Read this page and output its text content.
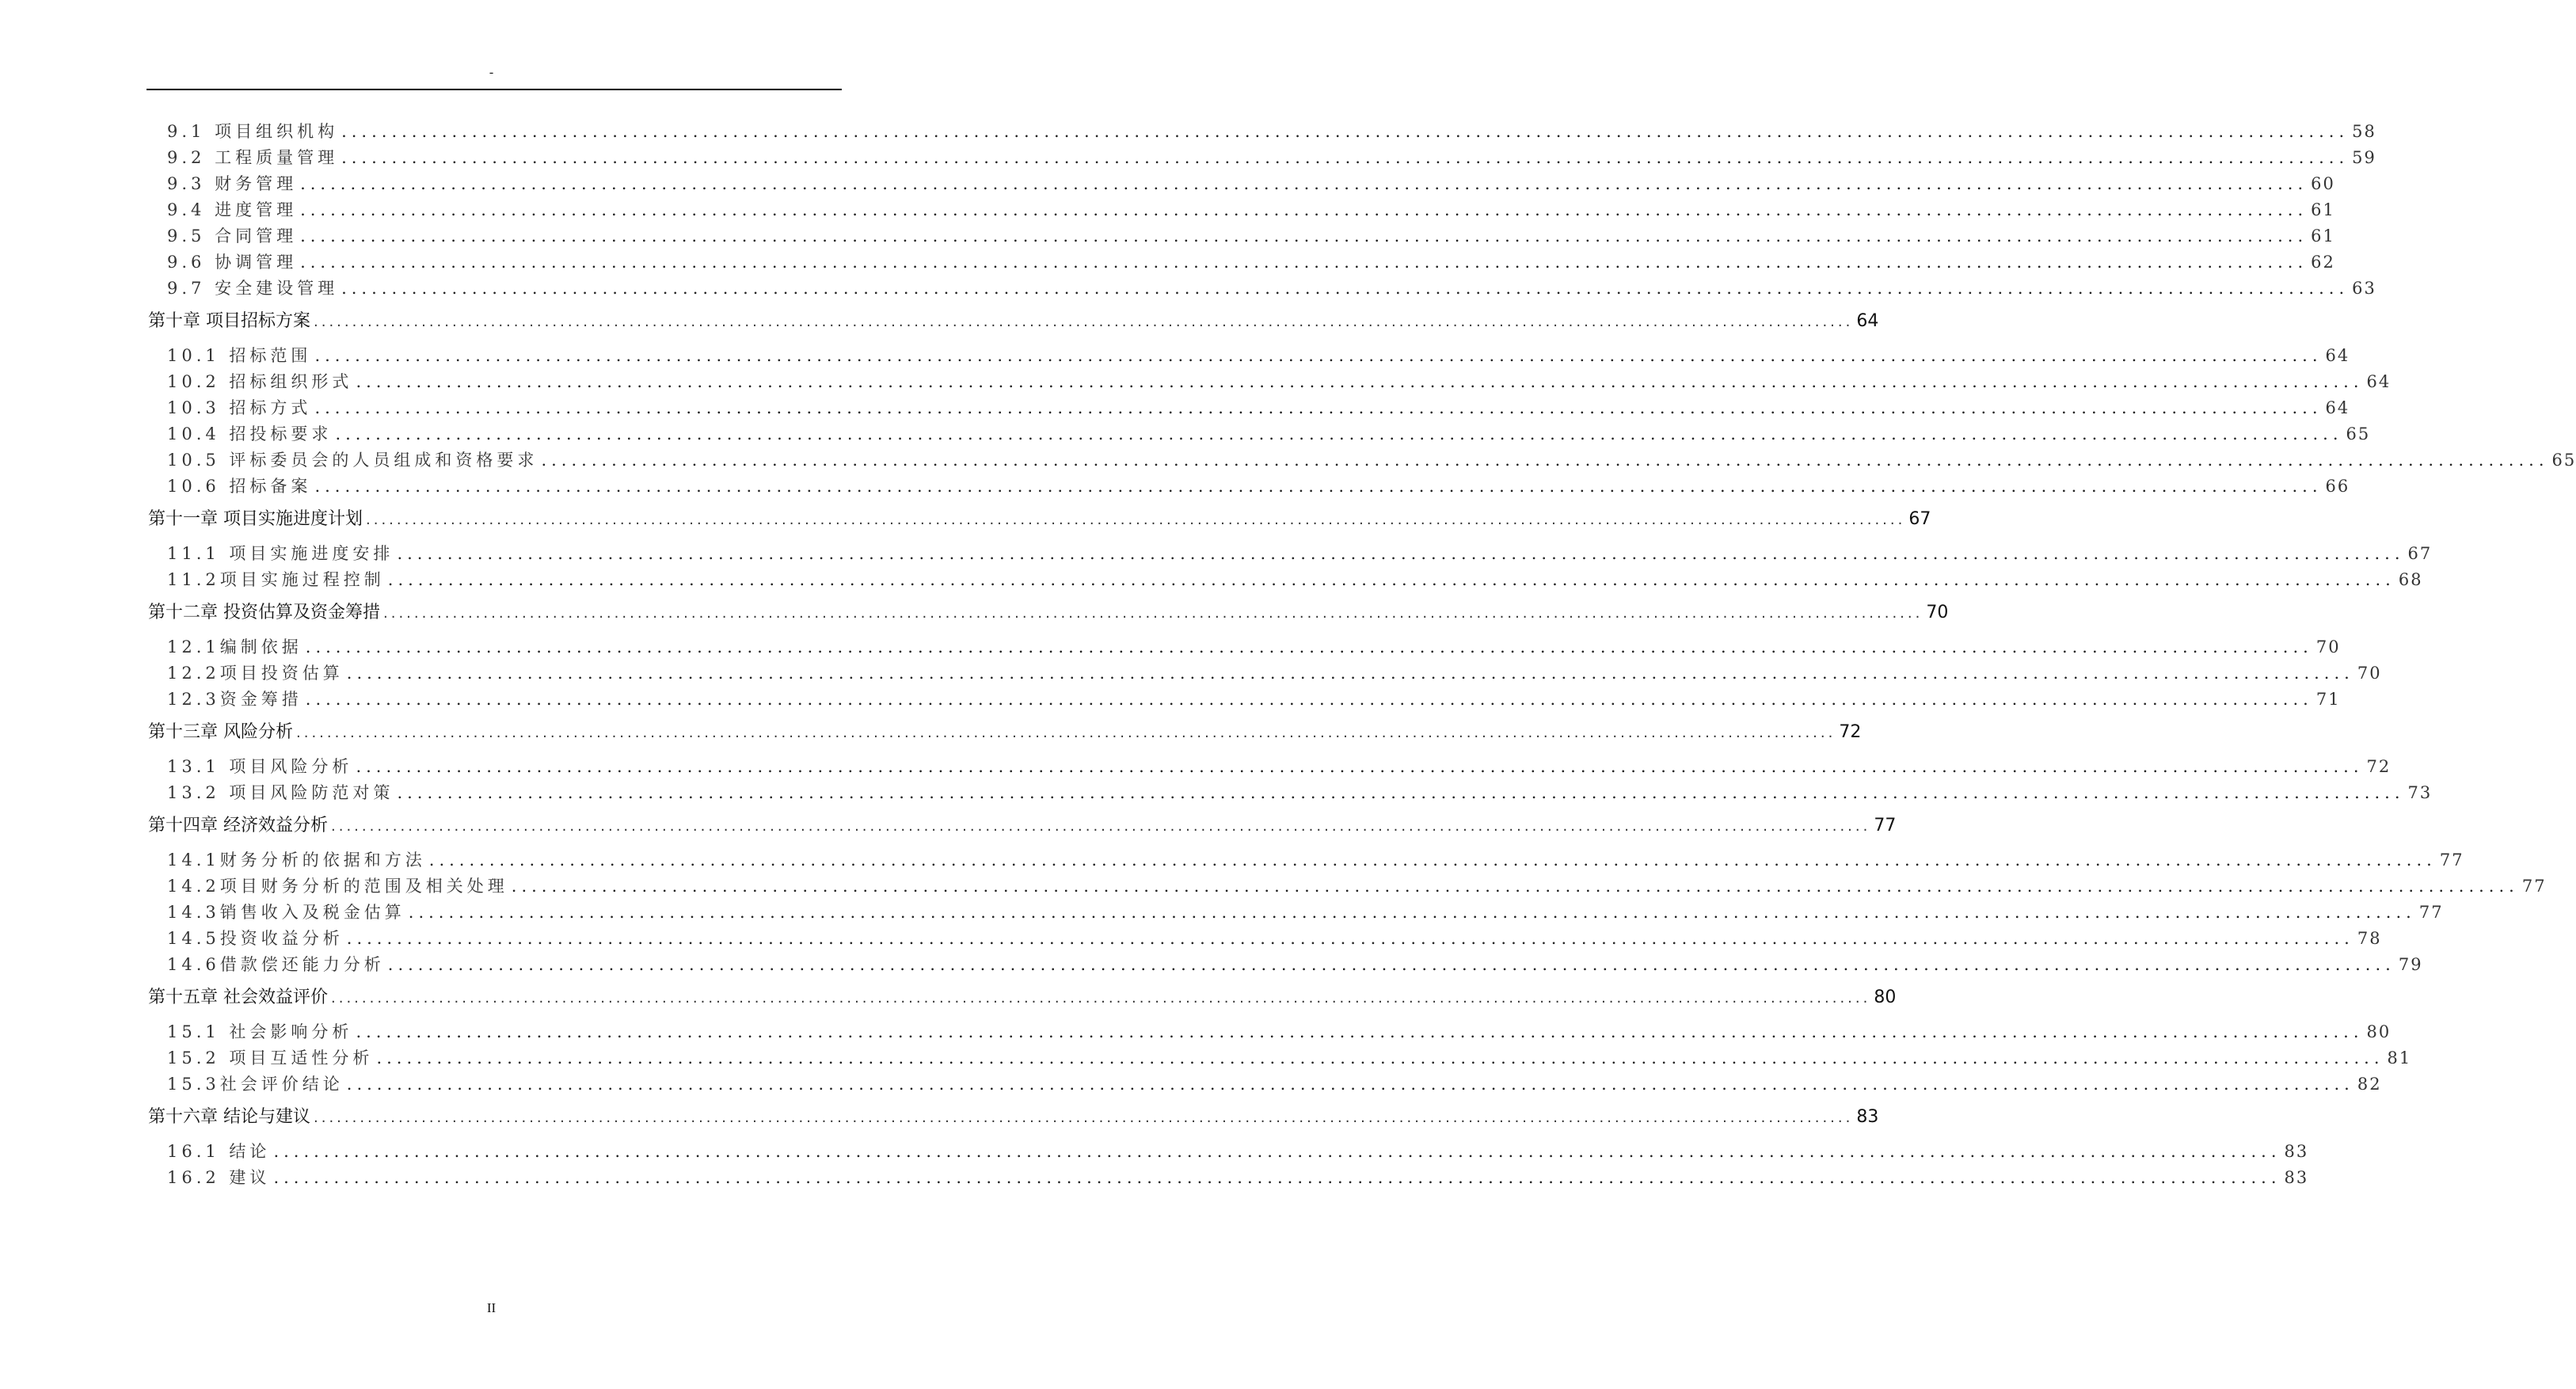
-
9.1 项目组织机构 ........................................................................................................................................................................................................ 58
9.2 工程质量管理 ........................................................................................................................................................................................................ 59
9.3 财务管理 ........................................................................................................................................................................................................ 60
9.4 进度管理 ........................................................................................................................................................................................................ 61
9.5 合同管理 ........................................................................................................................................................................................................ 61
9.6 协调管理 ........................................................................................................................................................................................................ 62
9.7 安全建设管理 ........................................................................................................................................................................................................ 63
第十章 项目招标方案 ........................................................................................................................................................................................................ 64
10.1 招标范围 ........................................................................................................................................................................................................ 64
10.2 招标组织形式 ........................................................................................................................................................................................................ 64
10.3 招标方式 ........................................................................................................................................................................................................ 64
10.4 招投标要求 ........................................................................................................................................................................................................ 65
10.5 评标委员会的人员组成和资格要求 ........................................................................................................................................................................................................ 65
10.6 招标备案 ........................................................................................................................................................................................................ 66
第十一章 项目实施进度计划 ........................................................................................................................................................................................................ 67
11.1 项目实施进度安排 ........................................................................................................................................................................................................ 67
11.2项目实施过程控制 ........................................................................................................................................................................................................ 68
第十二章 投资估算及资金筹措 ........................................................................................................................................................................................................ 70
12.1编制依据 ........................................................................................................................................................................................................ 70
12.2项目投资估算 ........................................................................................................................................................................................................ 70
12.3资金筹措 ........................................................................................................................................................................................................ 71
第十三章 风险分析 ........................................................................................................................................................................................................ 72
13.1 项目风险分析 ........................................................................................................................................................................................................ 72
13.2 项目风险防范对策 ........................................................................................................................................................................................................ 73
第十四章 经济效益分析 ........................................................................................................................................................................................................ 77
14.1财务分析的依据和方法 ........................................................................................................................................................................................................ 77
14.2项目财务分析的范围及相关处理 ........................................................................................................................................................................................................ 77
14.3销售收入及税金估算 ........................................................................................................................................................................................................ 77
14.5投资收益分析 ........................................................................................................................................................................................................ 78
14.6借款偿还能力分析 ........................................................................................................................................................................................................ 79
第十五章 社会效益评价 ........................................................................................................................................................................................................ 80
15.1 社会影响分析 ........................................................................................................................................................................................................ 80
15.2 项目互适性分析 ........................................................................................................................................................................................................ 81
15.3社会评价结论 ........................................................................................................................................................................................................ 82
第十六章 结论与建议 ........................................................................................................................................................................................................ 83
16.1 结论 ........................................................................................................................................................................................................ 83
16.2 建议 ........................................................................................................................................................................................................ 83
II
